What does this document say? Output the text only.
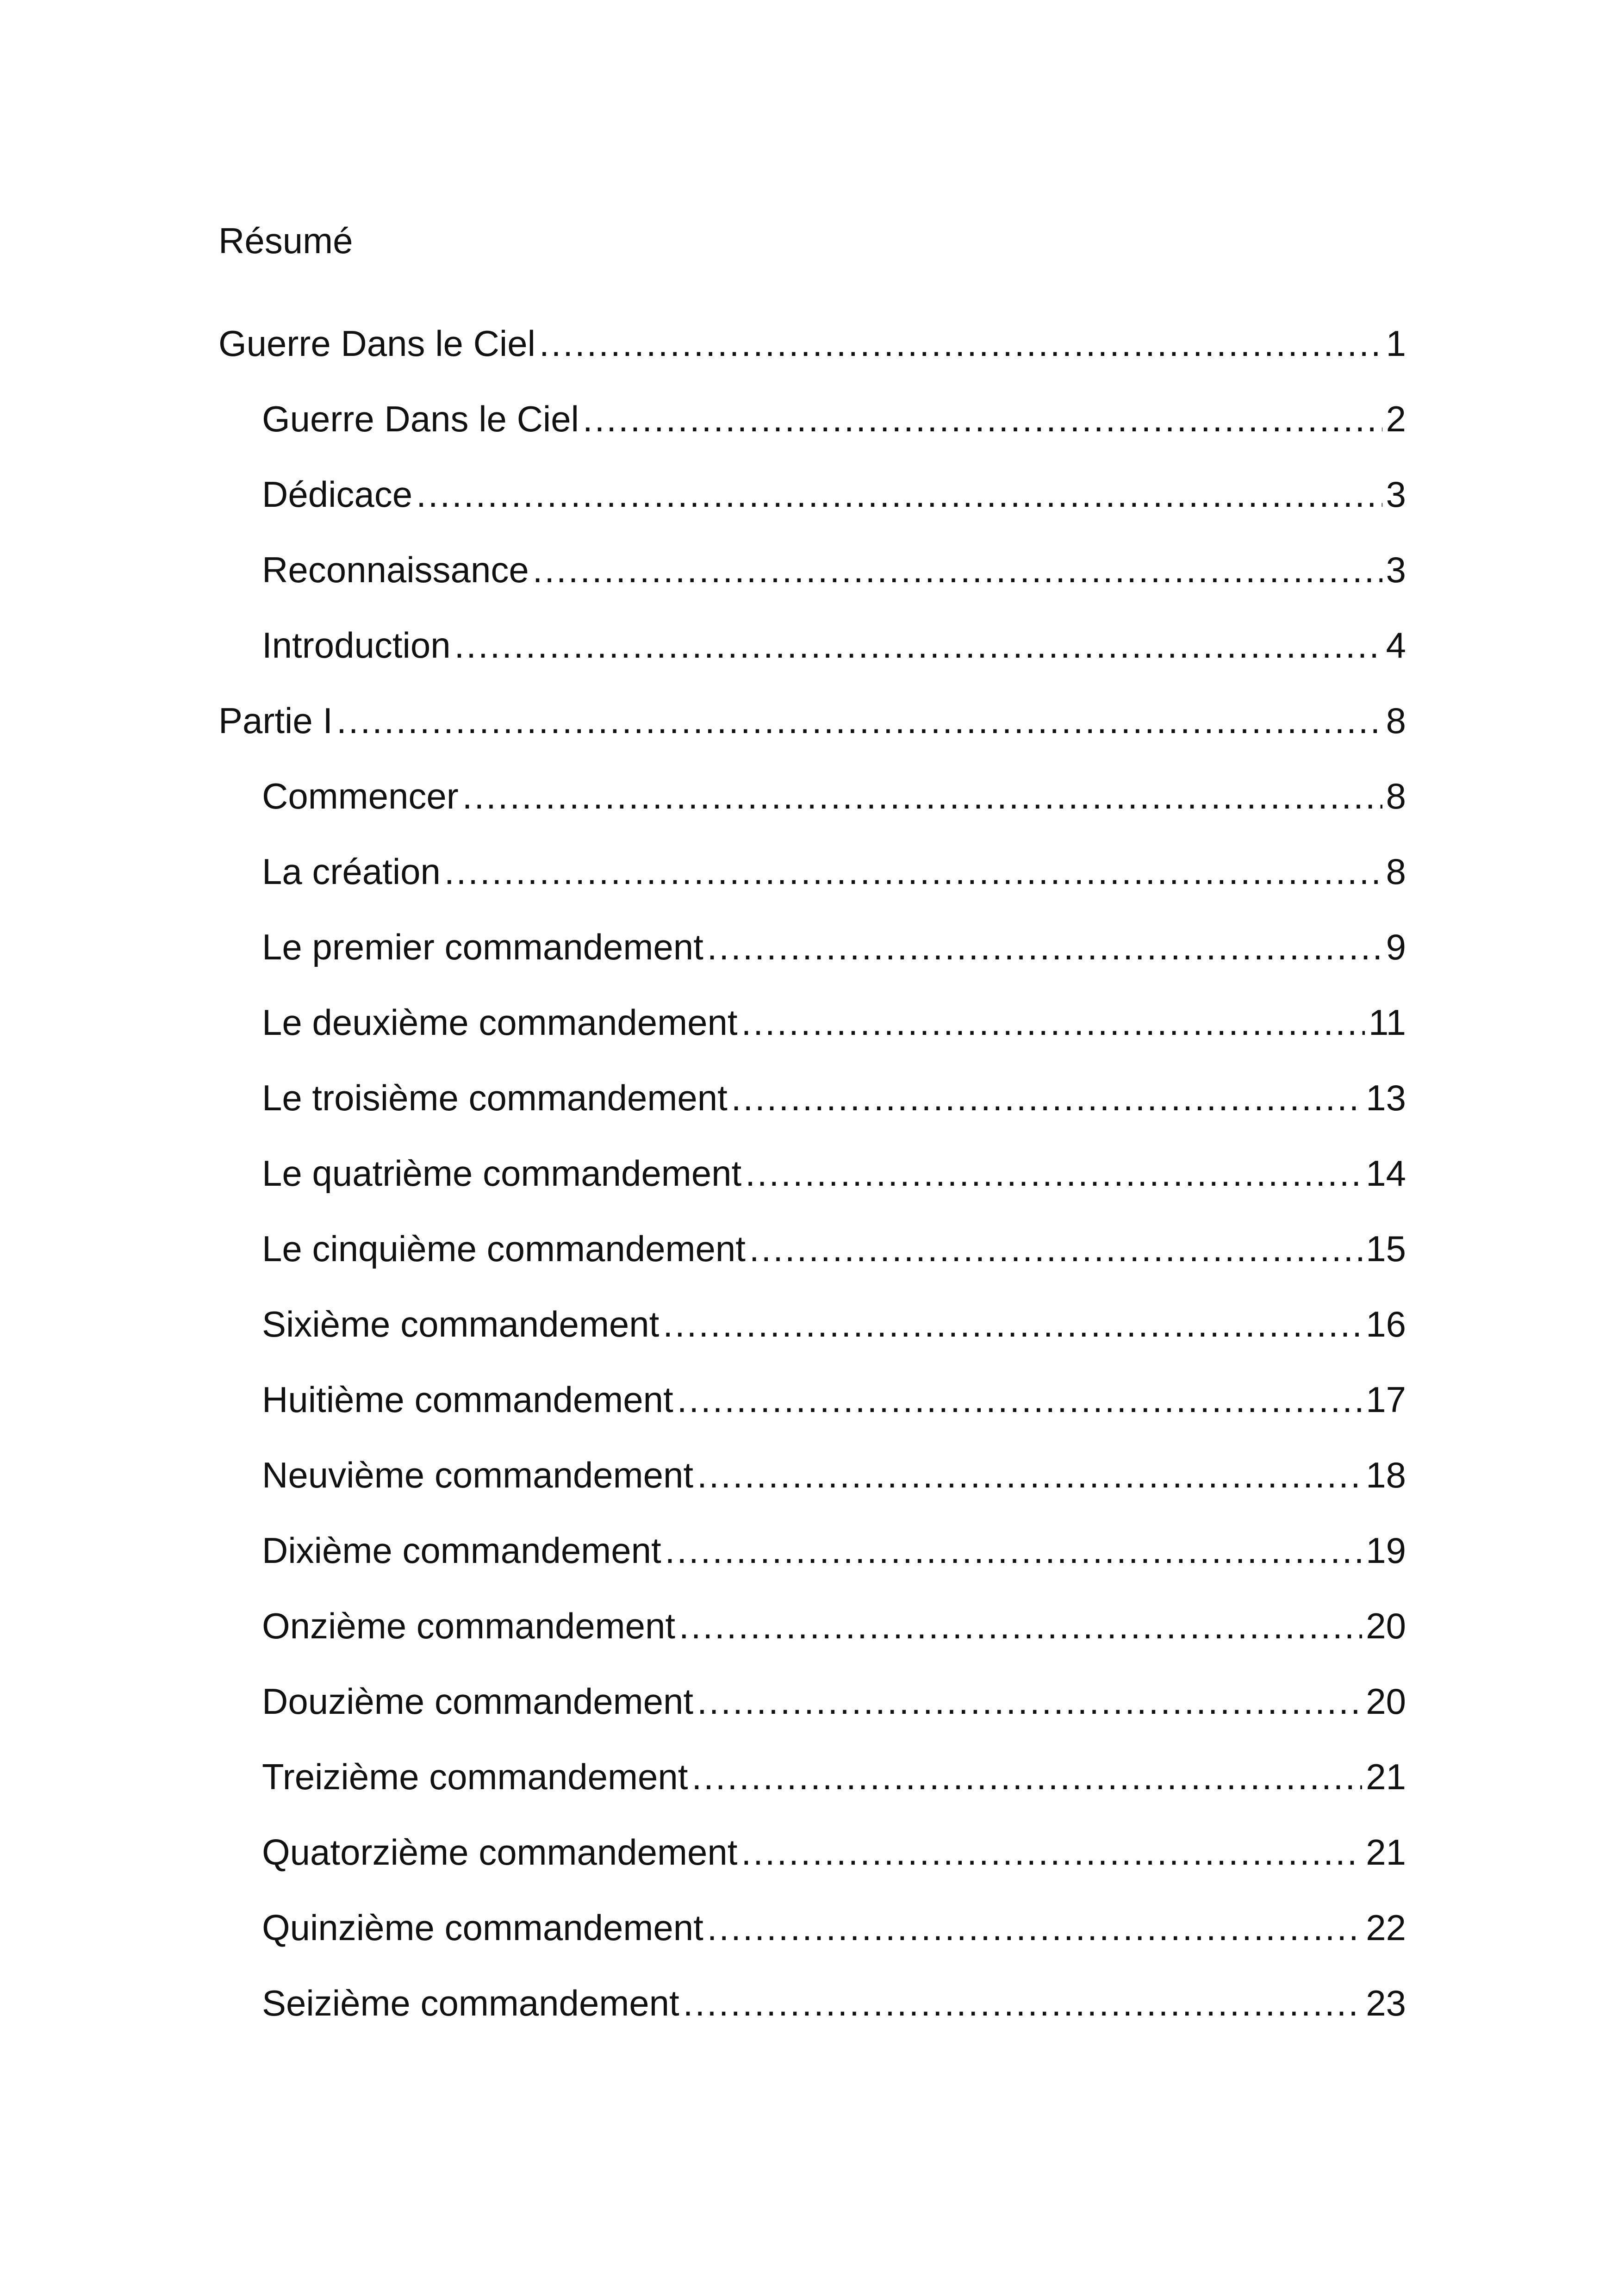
Résumé
Guerre Dans le Ciel .....	1
Guerre Dans le Ciel .....	2
Dédicace .....	3
Reconnaissance .....	3
Introduction .....	4
Partie I .....	8
Commencer .....	8
La création .....	8
Le premier commandement .....	9
Le deuxième commandement .....	11
Le troisième commandement .....	13
Le quatrième commandement .....	14
Le cinquième commandement .....	15
Sixième commandement .....	16
Huitième commandement .....	17
Neuvième commandement .....	18
Dixième commandement .....	19
Onzième commandement .....	20
Douzième commandement .....	20
Treizième commandement .....	21
Quatorzième commandement .....	21
Quinzième commandement .....	22
Seizième commandement .....	23
